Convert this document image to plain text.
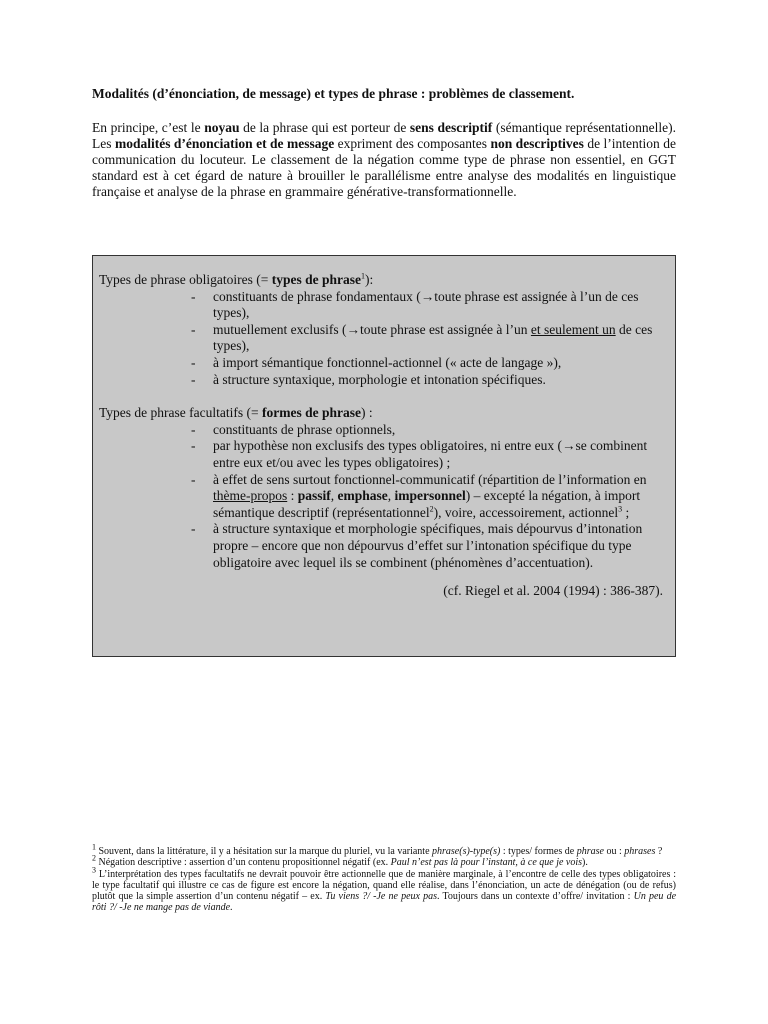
Modalités (d’énonciation, de message) et types de phrase : problèmes de classement.

En principe, c’est le noyau de la phrase qui est porteur de sens descriptif (sémantique représentationnelle). Les modalités d’énonciation et de message expriment des composantes non descriptives de l’intention de communication du locuteur. Le classement de la négation comme type de phrase non essentiel, en GGT standard est à cet égard de nature à brouiller le parallélisme entre analyse des modalités en linguistique française et analyse de la phrase en grammaire générative-transformationnelle.

Types de phrase obligatoires (= types de phrase$^1$):

- constituants de phrase fondamentaux (→toute phrase est assignée à l’un de ces types),
- mutuellement exclusifs (→toute phrase est assignée à l’un et seulement un de ces types),
- à import sémantique fonctionnel-actionnel (« acte de langage »),
- à structure syntaxique, morphologie et intonation spécifiques.

Types de phrase facultatifs (= formes de phrase) :

- constituants de phrase optionnels,
- par hypothèse non exclusifs des types obligatoires, ni entre eux (→se combinent entre eux et/ou avec les types obligatoires) ;
- à effet de sens surtout fonctionnel-communicatif (répartition de l’information en thème-propos : passif, emphase, impersonnel) – excepté la négation, à import sémantique descriptif (représentationnel$^2$), voire, accessoirement, actionnel$^3$ ;
- à structure syntaxique et morphologie spécifiques, mais dépourvus d’intonation propre – encore que non dépourvus d’effet sur l’intonation spécifique du type obligatoire avec lequel ils se combinent (phénomènes d’accentuation).

(cf. Riegel et al. 2004 (1994) : 386-387).

$^1$ Souvent, dans la littérature, il y a hésitation sur la marque du pluriel, vu la variante phrase(s)-type(s) : types/ formes de phrase ou : phrases ?

$^2$ Négation descriptive : assertion d’un contenu propositionnel négatif (ex. Paul n’est pas là pour l’instant, à ce que je vois).

$^3$ L’interprétation des types facultatifs ne devrait pouvoir être actionnelle que de manière marginale, à l’encontre de celle des types obligatoires : le type facultatif qui illustre ce cas de figure est encore la négation, quand elle réalise, dans l’énonciation, un acte de dénégation (ou de refus) plutôt que la simple assertion d’un contenu négatif – ex. Tu viens ?/ -Je ne peux pas. Toujours dans un contexte d’offre/ invitation : Un peu de rôti ?/ -Je ne mange pas de viande.
